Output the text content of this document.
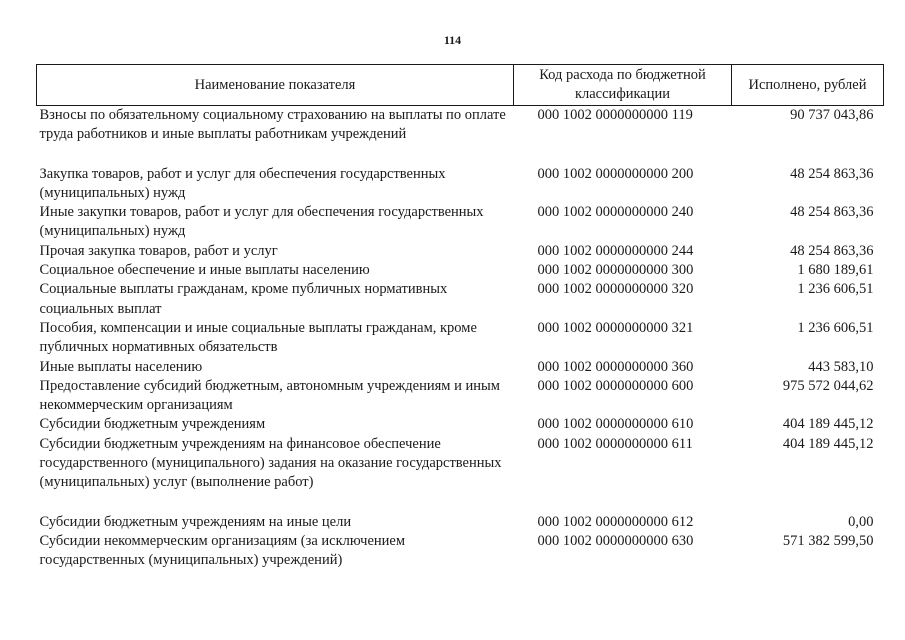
114
Наименование показателя	Код расхода по бюджетной классификации	Исполнено, рублей
Взносы по обязательному социальному страхованию на выплаты по оплате труда работников и иные выплаты работникам учреждений	000 1002 0000000000 119	90 737 043,86
Закупка товаров, работ и услуг для обеспечения государственных (муниципальных) нужд	000 1002 0000000000 200	48 254 863,36
Иные закупки товаров, работ и услуг для обеспечения государственных (муниципальных) нужд	000 1002 0000000000 240	48 254 863,36
Прочая закупка товаров, работ и услуг	000 1002 0000000000 244	48 254 863,36
Социальное обеспечение и иные выплаты населению	000 1002 0000000000 300	1 680 189,61
Социальные выплаты гражданам, кроме публичных нормативных социальных выплат	000 1002 0000000000 320	1 236 606,51
Пособия, компенсации и иные социальные выплаты гражданам, кроме публичных нормативных обязательств	000 1002 0000000000 321	1 236 606,51
Иные выплаты населению	000 1002 0000000000 360	443 583,10
Предоставление субсидий бюджетным, автономным учреждениям и иным некоммерческим организациям	000 1002 0000000000 600	975 572 044,62
Субсидии бюджетным учреждениям	000 1002 0000000000 610	404 189 445,12
Субсидии бюджетным учреждениям на финансовое обеспечение государственного (муниципального) задания на оказание государственных (муниципальных) услуг (выполнение работ)	000 1002 0000000000 611	404 189 445,12
Субсидии бюджетным учреждениям на иные цели	000 1002 0000000000 612	0,00
Субсидии некоммерческим организациям (за исключением государственных (муниципальных) учреждений)	000 1002 0000000000 630	571 382 599,50
